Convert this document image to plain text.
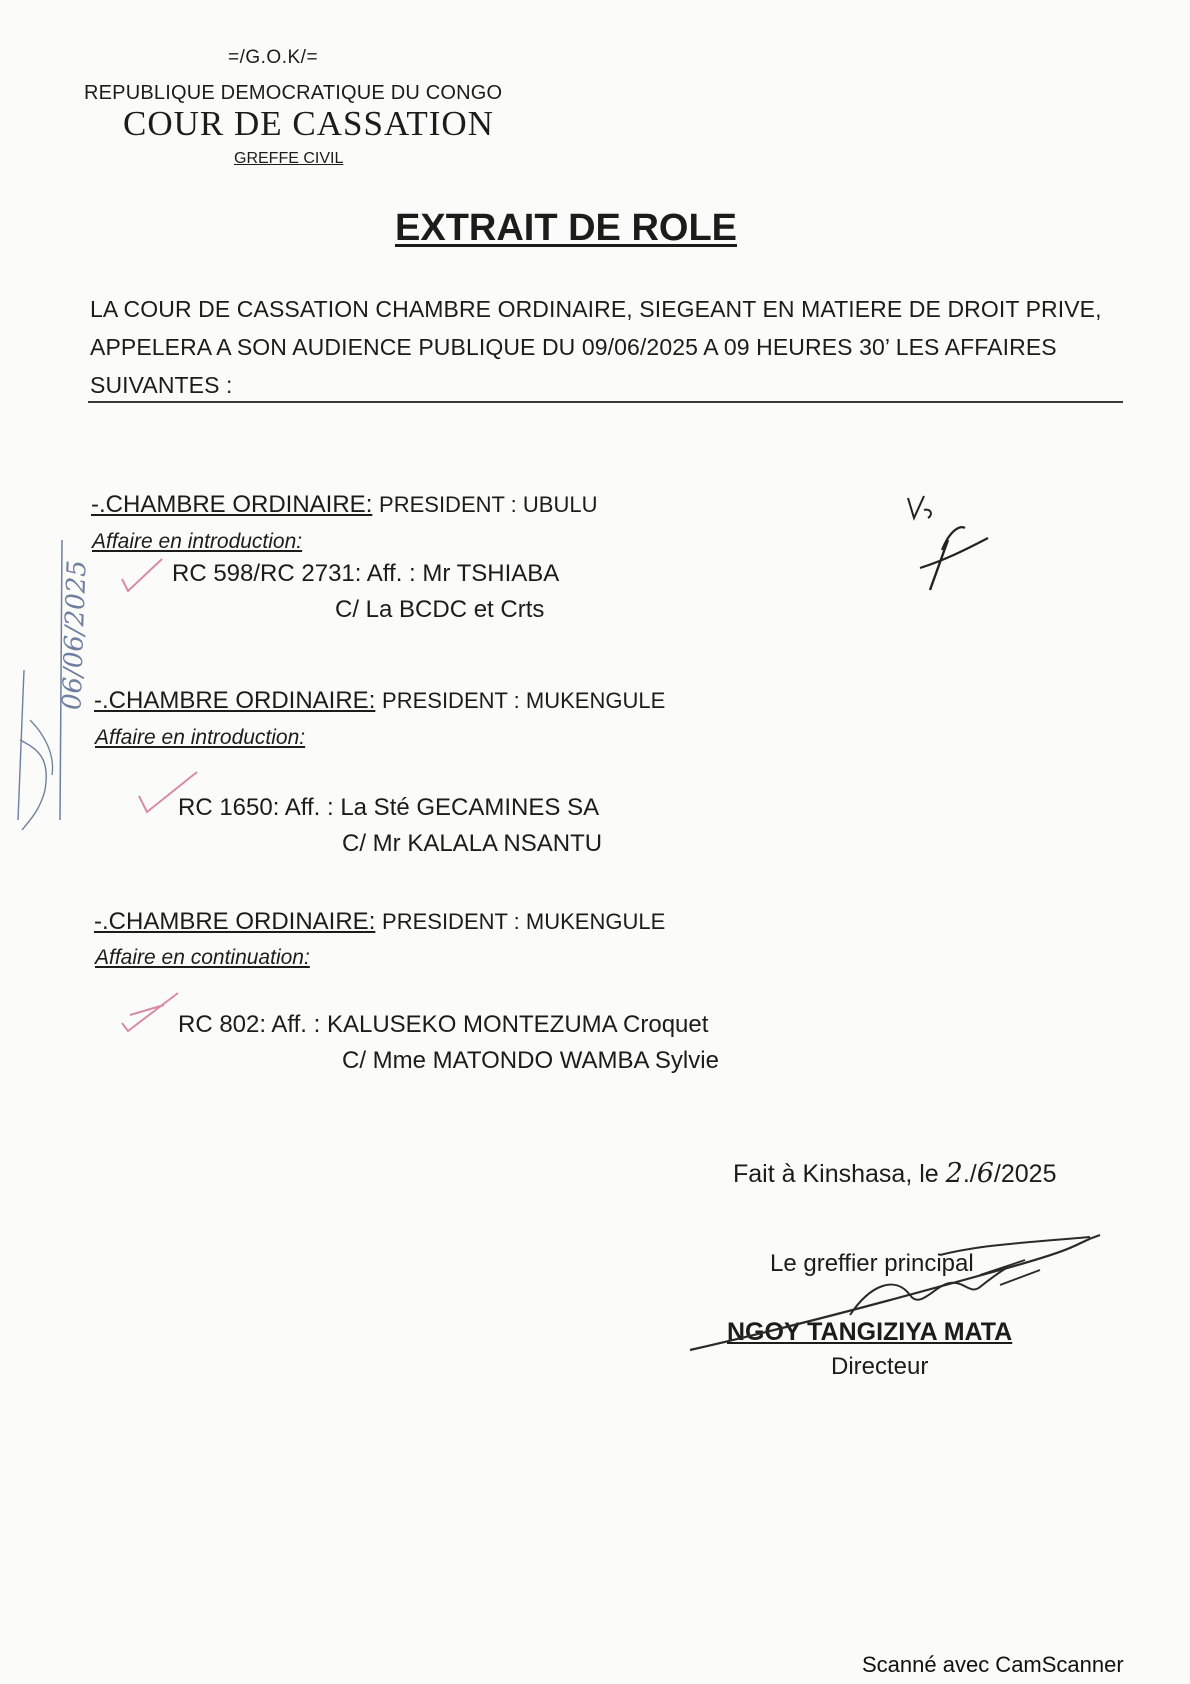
=/G.O.K/=
REPUBLIQUE DEMOCRATIQUE DU CONGO
COUR DE CASSATION
GREFFE CIVIL
EXTRAIT DE ROLE
LA COUR DE CASSATION CHAMBRE ORDINAIRE, SIEGEANT EN MATIERE DE DROIT PRIVE, APPELERA A SON AUDIENCE PUBLIQUE DU 09/06/2025 A 09 HEURES 30’ LES AFFAIRES SUIVANTES :
-.CHAMBRE ORDINAIRE: PRESIDENT : UBULU
Affaire en introduction:
RC 598/RC 2731: Aff. : Mr TSHIABA
C/ La BCDC et Crts
-.CHAMBRE ORDINAIRE: PRESIDENT : MUKENGULE
Affaire en introduction:
RC 1650: Aff. : La Sté GECAMINES SA
C/ Mr KALALA NSANTU
-.CHAMBRE ORDINAIRE: PRESIDENT : MUKENGULE
Affaire en continuation:
RC 802: Aff. : KALUSEKO MONTEZUMA Croquet
C/ Mme MATONDO WAMBA Sylvie
Fait à Kinshasa, le 2./6/2025
Le greffier principal
NGOY TANGIZIYA MATA
Directeur
06/06/2025
Scanné avec CamScanner
